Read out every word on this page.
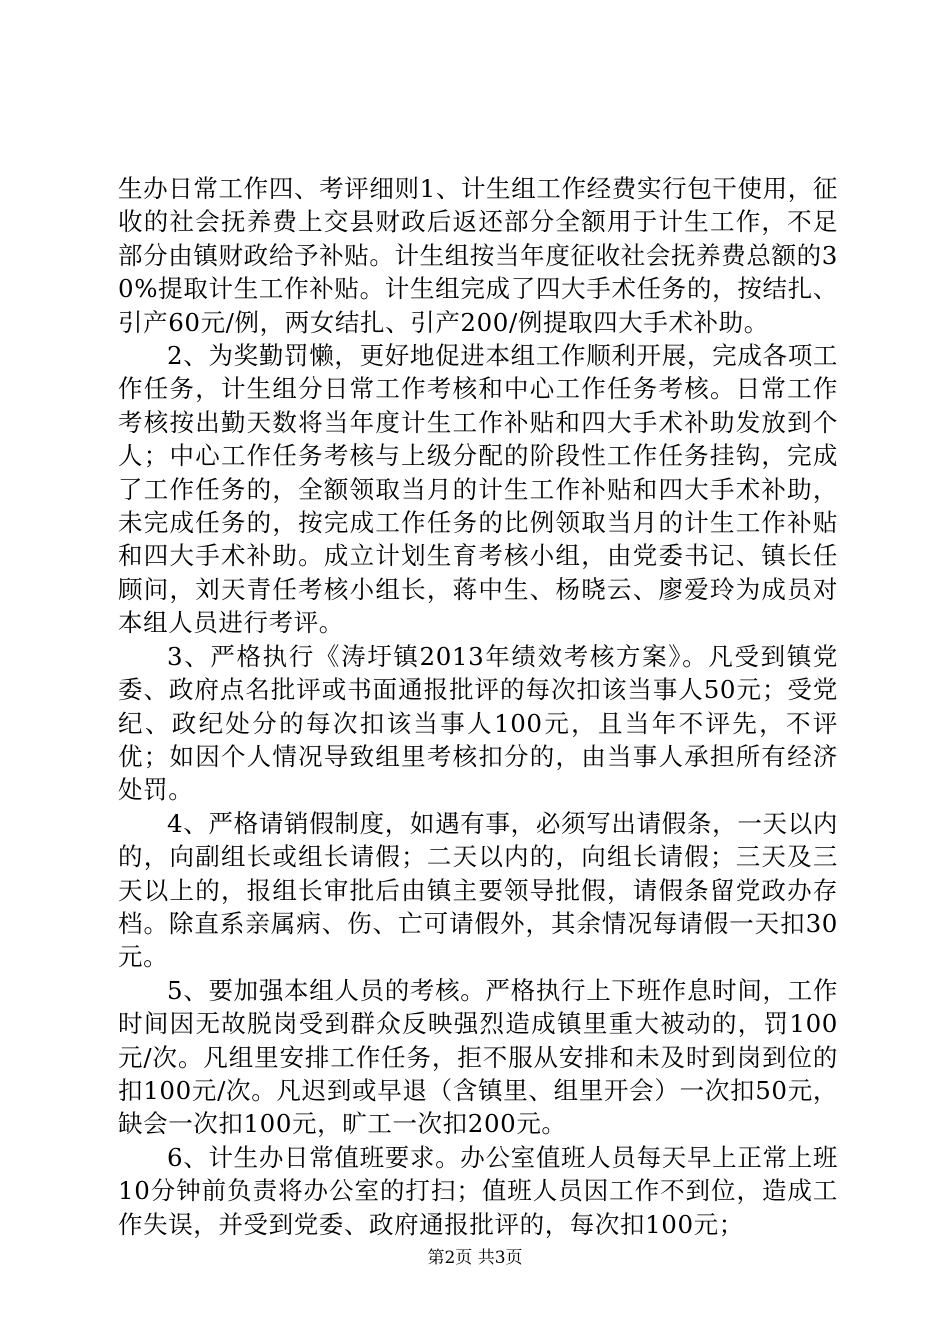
生办日常工作四、考评细则1、计生组工作经费实行包干使用，征收的社会抚养费上交县财政后返还部分全额用于计生工作，不足部分由镇财政给予补贴。计生组按当年度征收社会抚养费总额的30%提取计生工作补贴。计生组完成了四大手术任务的，按结扎、引产60元/例，两女结扎、引产200/例提取四大手术补助。

2、为奖勤罚懒，更好地促进本组工作顺利开展，完成各项工作任务，计生组分日常工作考核和中心工作任务考核。日常工作考核按出勤天数将当年度计生工作补贴和四大手术补助发放到个人；中心工作任务考核与上级分配的阶段性工作任务挂钩，完成了工作任务的，全额领取当月的计生工作补贴和四大手术补助，未完成任务的，按完成工作任务的比例领取当月的计生工作补贴和四大手术补助。成立计划生育考核小组，由党委书记、镇长任顾问，刘天青任考核小组长，蒋中生、杨晓云、廖爱玲为成员对本组人员进行考评。

3、严格执行《涛圩镇2013年绩效考核方案》。凡受到镇党委、政府点名批评或书面通报批评的每次扣该当事人50元；受党纪、政纪处分的每次扣该当事人100元，且当年不评先，不评优；如因个人情况导致组里考核扣分的，由当事人承担所有经济处罚。

4、严格请销假制度，如遇有事，必须写出请假条，一天以内的，向副组长或组长请假；二天以内的，向组长请假；三天及三天以上的，报组长审批后由镇主要领导批假，请假条留党政办存档。除直系亲属病、伤、亡可请假外，其余情况每请假一天扣30元。

5、要加强本组人员的考核。严格执行上下班作息时间，工作时间因无故脱岗受到群众反映强烈造成镇里重大被动的，罚100元/次。凡组里安排工作任务，拒不服从安排和未及时到岗到位的扣100元/次。凡迟到或早退（含镇里、组里开会）一次扣50元，缺会一次扣100元，旷工一次扣200元。

6、计生办日常值班要求。办公室值班人员每天早上正常上班10分钟前负责将办公室的打扫；值班人员因工作不到位，造成工作失误，并受到党委、政府通报批评的，每次扣100元；

第2页 共3页
